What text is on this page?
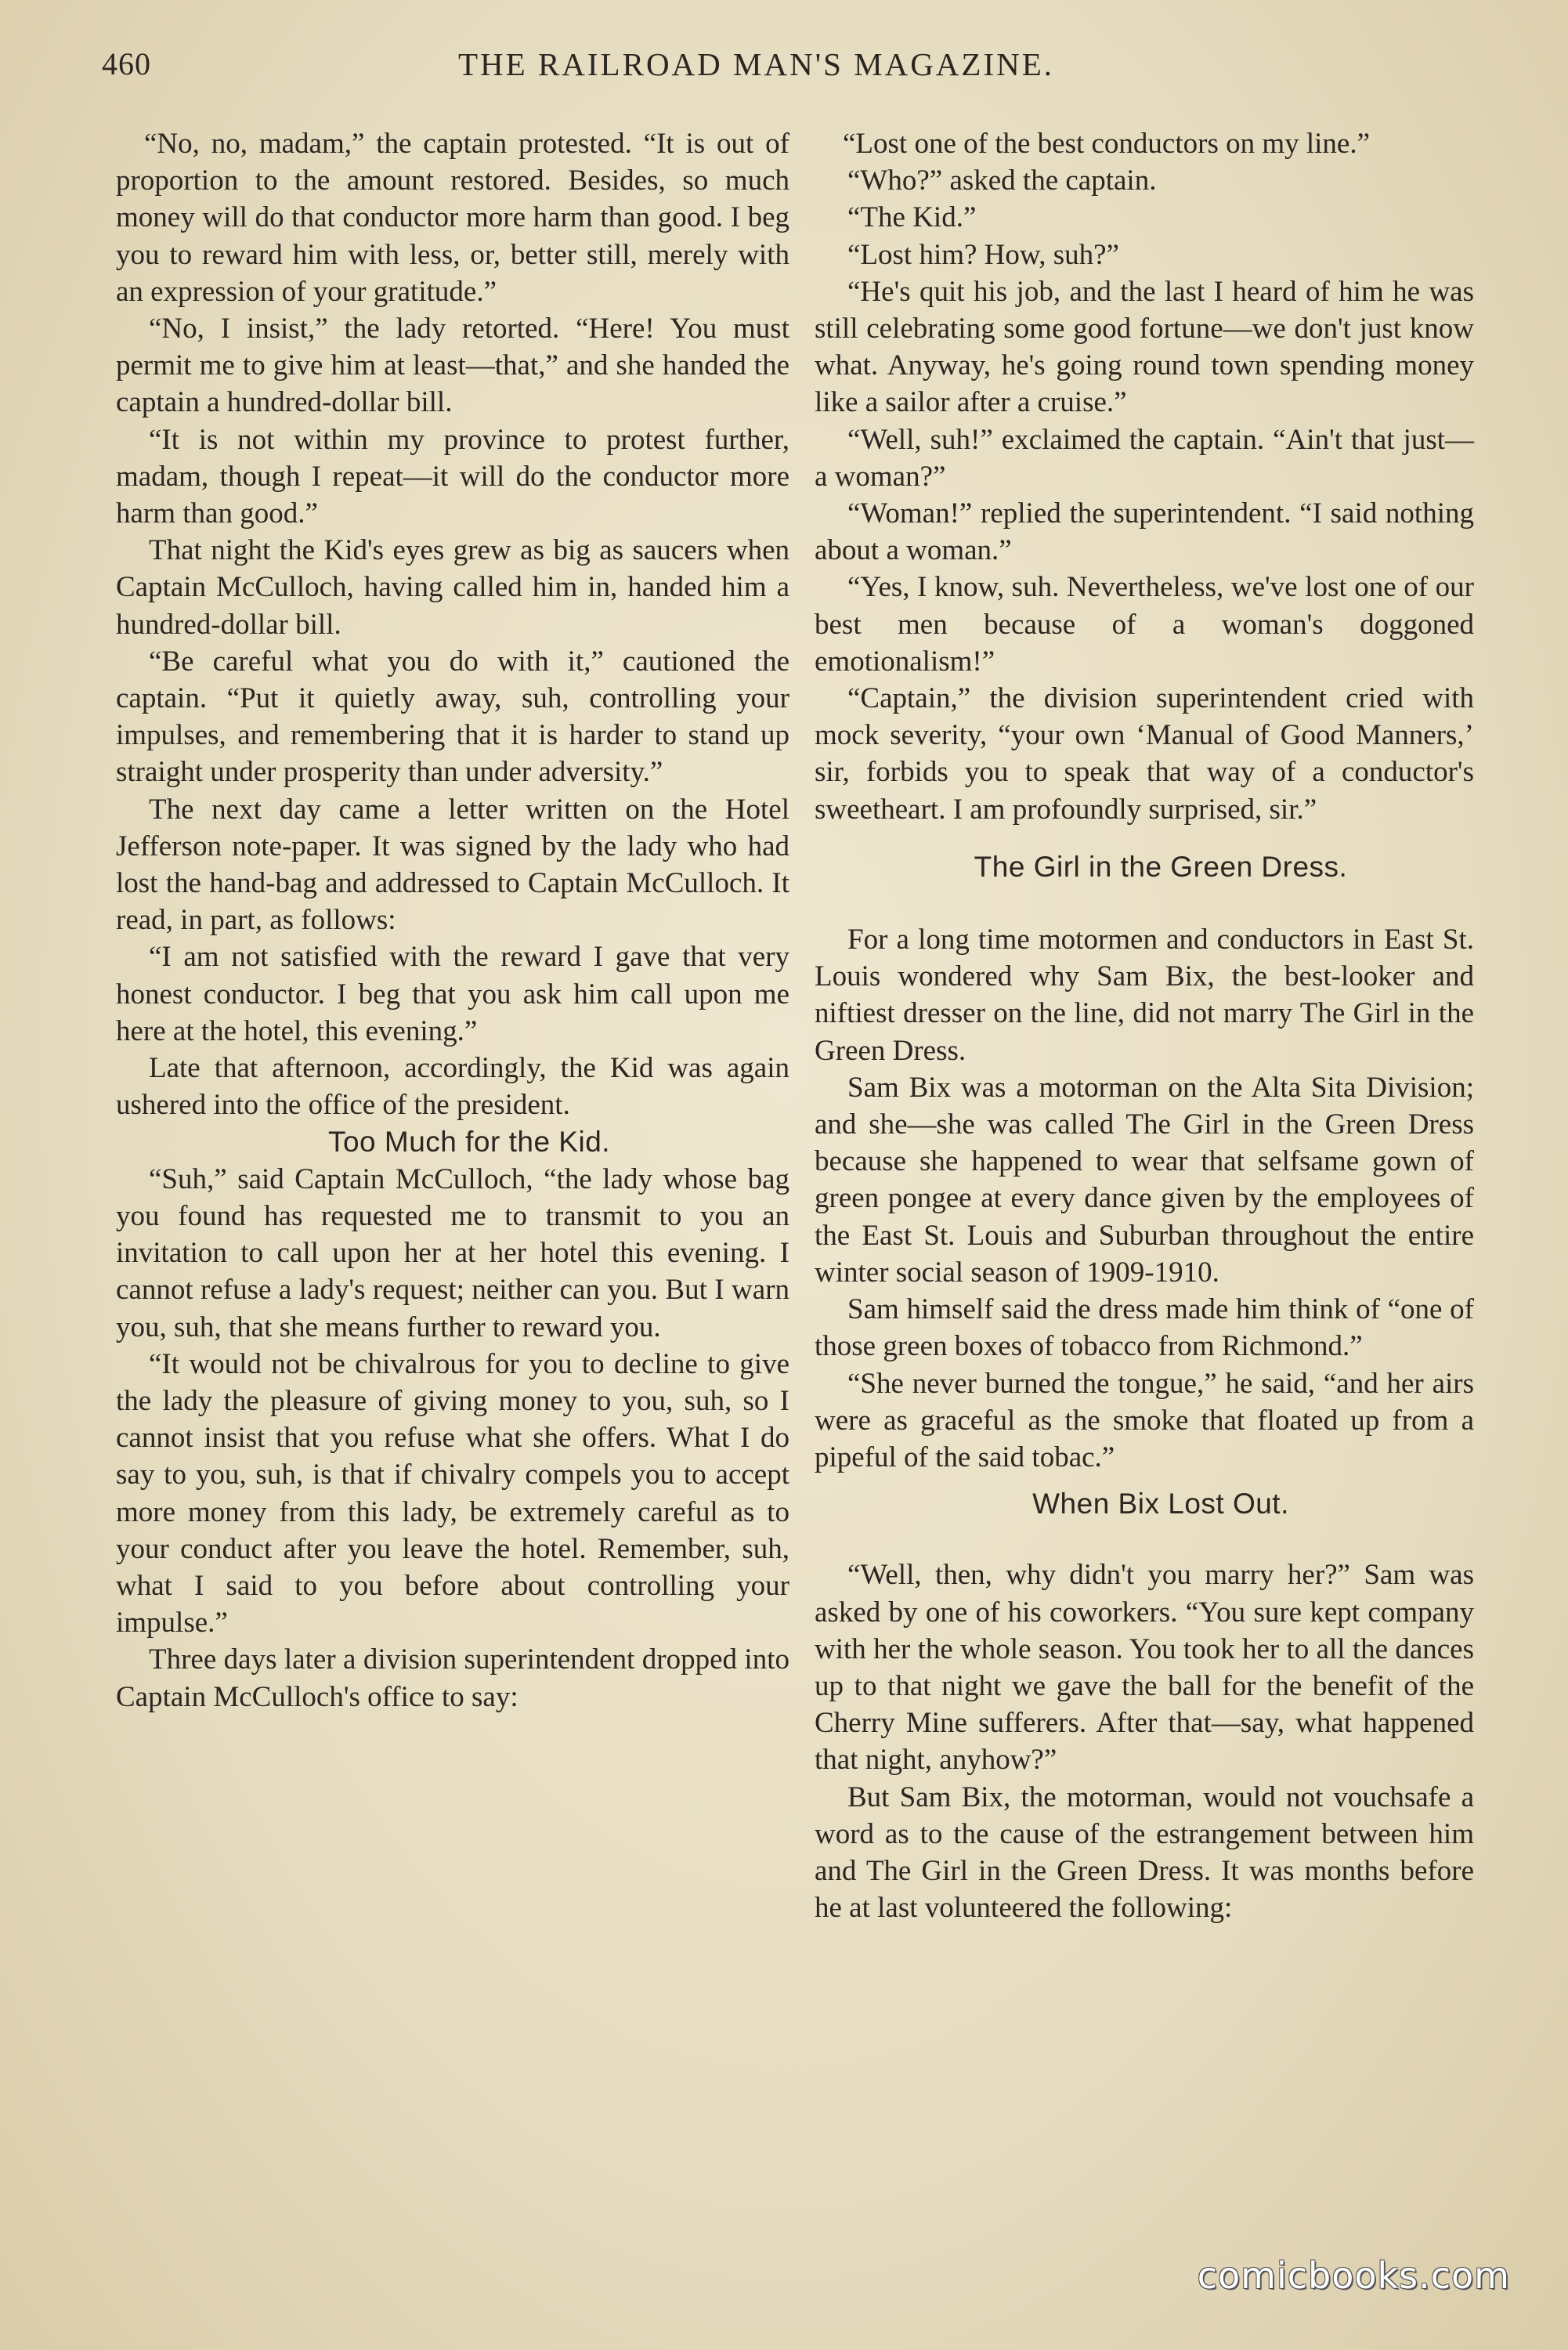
460	THE RAILROAD MAN'S MAGAZINE.

“No, no, madam,” the captain protested. “It is out of proportion to the amount restored. Besides, so much money will do that conductor more harm than good. I beg you to reward him with less, or, better still, merely with an expression of your gratitude.”

“No, I insist,” the lady retorted. “Here! You must permit me to give him at least—that,” and she handed the captain a hundred-dollar bill.

“It is not within my province to protest further, madam, though I repeat—it will do the conductor more harm than good.”

That night the Kid's eyes grew as big as saucers when Captain McCulloch, having called him in, handed him a hundred-dollar bill.

“Be careful what you do with it,” cautioned the captain. “Put it quietly away, suh, controlling your impulses, and remembering that it is harder to stand up straight under prosperity than under adversity.”

The next day came a letter written on the Hotel Jefferson note-paper. It was signed by the lady who had lost the hand-bag and addressed to Captain McCulloch. It read, in part, as follows:

“I am not satisfied with the reward I gave that very honest conductor. I beg that you ask him call upon me here at the hotel, this evening.”

Late that afternoon, accordingly, the Kid was again ushered into the office of the president.

Too Much for the Kid.

“Suh,” said Captain McCulloch, “the lady whose bag you found has requested me to transmit to you an invitation to call upon her at her hotel this evening. I cannot refuse a lady's request; neither can you. But I warn you, suh, that she means further to reward you.

“It would not be chivalrous for you to decline to give the lady the pleasure of giving money to you, suh, so I cannot insist that you refuse what she offers. What I do say to you, suh, is that if chivalry compels you to accept more money from this lady, be extremely careful as to your conduct after you leave the hotel. Remember, suh, what I said to you before about controlling your impulse.”

Three days later a division superintendent dropped into Captain McCulloch's office to say:

“Lost one of the best conductors on my line.”

“Who?” asked the captain.

“The Kid.”

“Lost him? How, suh?”

“He's quit his job, and the last I heard of him he was still celebrating some good fortune—we don't just know what. Anyway, he's going round town spending money like a sailor after a cruise.”

“Well, suh!” exclaimed the captain. “Ain't that just—a woman?”

“Woman!” replied the superintendent. “I said nothing about a woman.”

“Yes, I know, suh. Nevertheless, we've lost one of our best men because of a woman's doggoned emotionalism!”

“Captain,” the division superintendent cried with mock severity, “your own ‘Manual of Good Manners,’ sir, forbids you to speak that way of a conductor's sweetheart. I am profoundly surprised, sir.”

The Girl in the Green Dress.

For a long time motormen and conductors in East St. Louis wondered why Sam Bix, the best-looker and niftiest dresser on the line, did not marry The Girl in the Green Dress.

Sam Bix was a motorman on the Alta Sita Division; and she—she was called The Girl in the Green Dress because she happened to wear that selfsame gown of green pongee at every dance given by the employees of the East St. Louis and Suburban throughout the entire winter social season of 1909-1910.

Sam himself said the dress made him think of “one of those green boxes of tobacco from Richmond.”

“She never burned the tongue,” he said, “and her airs were as graceful as the smoke that floated up from a pipeful of the said tobac.”

When Bix Lost Out.

“Well, then, why didn't you marry her?” Sam was asked by one of his coworkers. “You sure kept company with her the whole season. You took her to all the dances up to that night we gave the ball for the benefit of the Cherry Mine sufferers. After that—say, what happened that night, anyhow?”

But Sam Bix, the motorman, would not vouchsafe a word as to the cause of the estrangement between him and The Girl in the Green Dress. It was months before he at last volunteered the following:

comicbooks.com
